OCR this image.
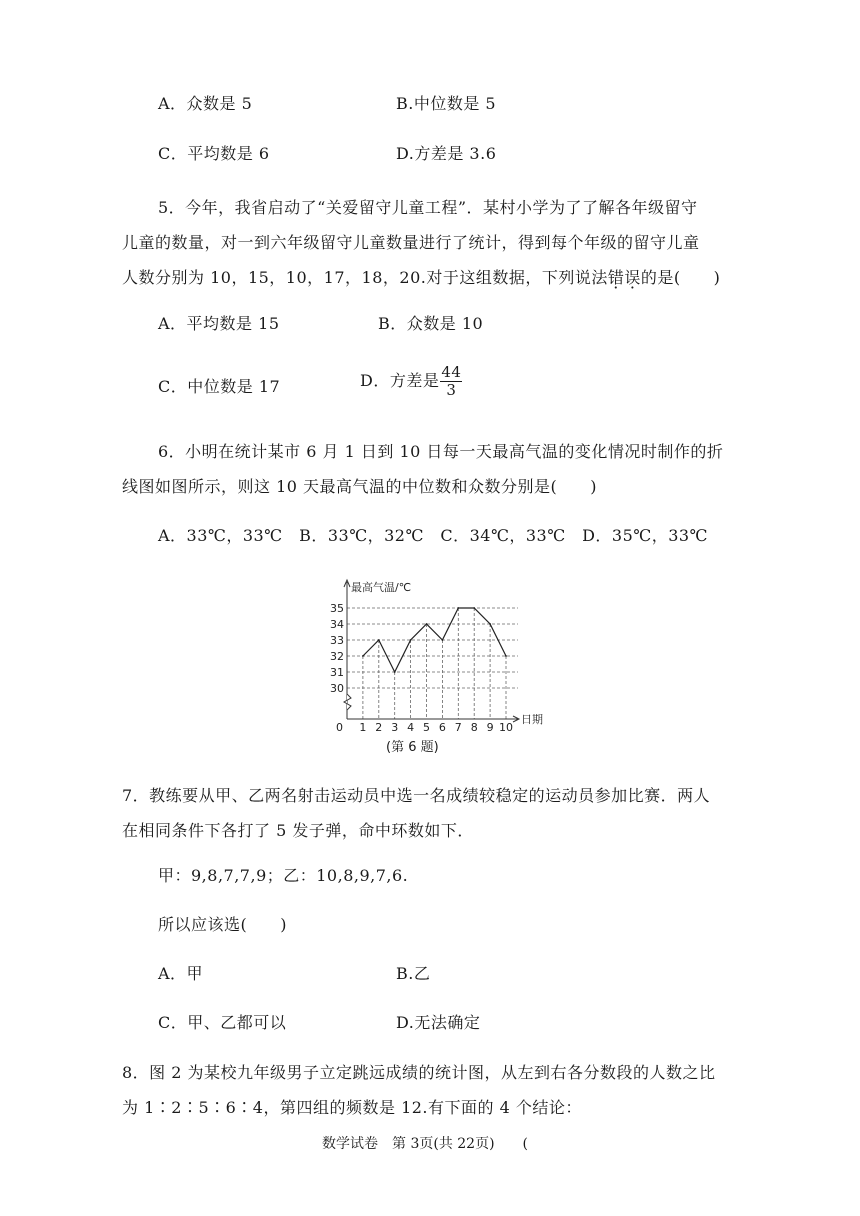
A．众数是 5	B.中位数是 5
C．平均数是 6	D.方差是 3.6
5．今年，我省启动了“关爱留守儿童工程”．某村小学为了了解各年级留守
儿童的数量，对一到六年级留守儿童数量进行了统计，得到每个年级的留守儿童
人数分别为 10，15，10，17，18，20.对于这组数据，下列说法错误的是(　　)
A．平均数是 15	B．众数是 10
C．中位数是 17	D．方差是 $\frac{44}{3}$
6．小明在统计某市 6 月 1 日到 10 日每一天最高气温的变化情况时制作的折
线图如图所示，则这 10 天最高气温的中位数和众数分别是(　　)
A．33℃，33℃　B．33℃，32℃　C．34℃，33℃　D．35℃，33℃
30
31
32
33
34
35
1 2 3 4 5 6 7 8 9 10
0
最高气温/℃
日期
(第 6 题)
7．教练要从甲、乙两名射击运动员中选一名成绩较稳定的运动员参加比赛．两人
在相同条件下各打了 5 发子弹，命中环数如下．
甲：9,8,7,7,9；乙：10,8,9,7,6.
所以应该选(　　)
A．甲	B.乙
C．甲、乙都可以	D.无法确定
8．图 2 为某校九年级男子立定跳远成绩的统计图，从左到右各分数段的人数之比
为 1∶2∶5∶6∶4，第四组的频数是 12.有下面的 4 个结论：
数学试卷　第 3页(共 22页)　　(
